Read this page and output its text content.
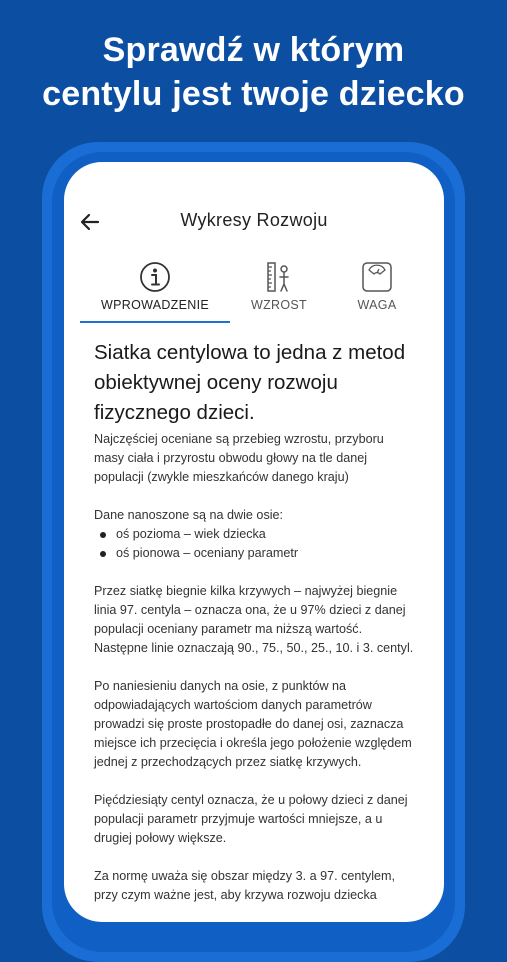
Sprawdź w którym
centylu jest twoje dziecko
Wykresy Rozwoju
WPROWADZENIE	WZROST	WAGA

Siatka centylowa to jedna z metod obiektywnej oceny rozwoju fizycznego dzieci.

Najczęściej oceniane są przebieg wzrostu, przyboru masy ciała i przyrostu obwodu głowy na tle danej populacji (zwykle mieszkańców danego kraju)

Dane nanoszone są na dwie osie:

oś pozioma – wiek dziecka
oś pionowa – oceniany parametr

Przez siatkę biegnie kilka krzywych – najwyżej biegnie linia 97. centyla – oznacza ona, że u 97% dzieci z danej populacji oceniany parametr ma niższą wartość. Następne linie oznaczają 90., 75., 50., 25., 10. i 3. centyl.

Po naniesieniu danych na osie, z punktów na odpowiadających wartościom danych parametrów prowadzi się proste prostopadłe do danej osi, zaznacza miejsce ich przecięcia i określa jego położenie względem jednej z przechodzących przez siatkę krzywych.

Pięćdziesiąty centyl oznacza, że u połowy dzieci z danej populacji parametr przyjmuje wartości mniejsze, a u drugiej połowy większe.

Za normę uważa się obszar między 3. a 97. centylem, przy czym ważne jest, aby krzywa rozwoju dziecka
